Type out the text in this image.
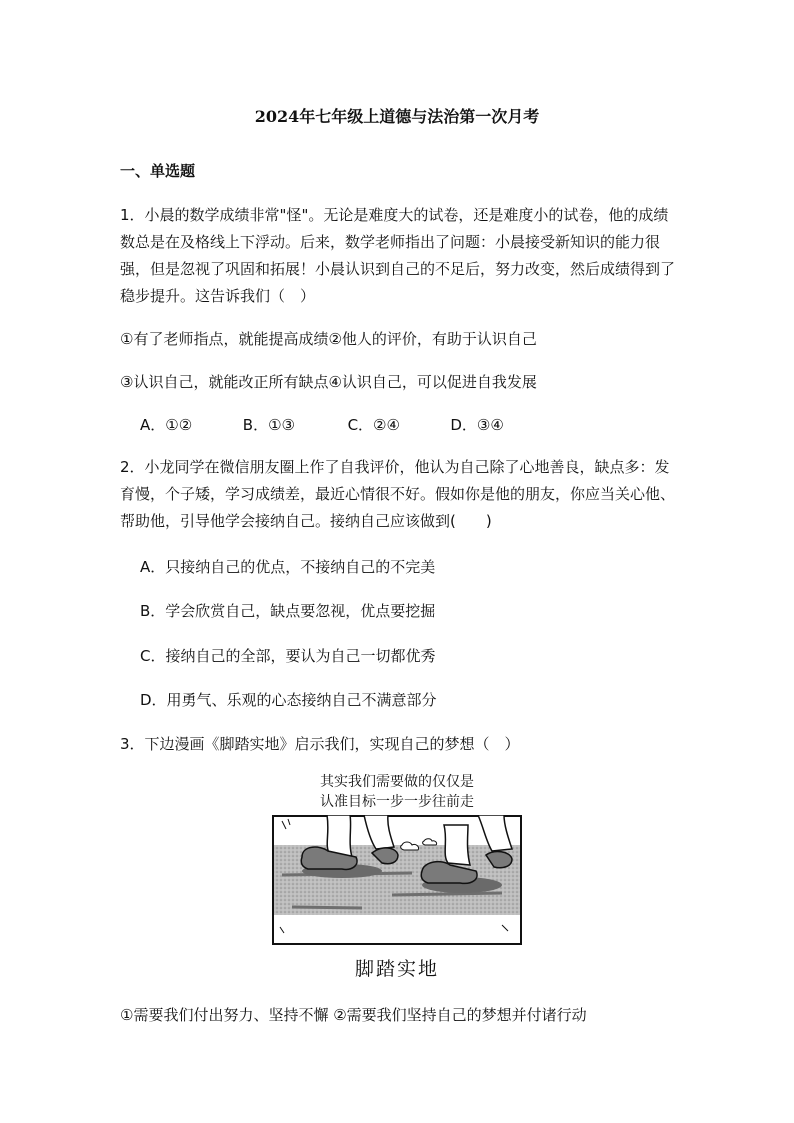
2024年七年级上道德与法治第一次月考
一、单选题
1．小晨的数学成绩非常"怪"。无论是难度大的试卷，还是难度小的试卷，他的成绩数总是在及格线上下浮动。后来，数学老师指出了问题：小晨接受新知识的能力很强，但是忽视了巩固和拓展！小晨认识到自己的不足后，努力改变，然后成绩得到了稳步提升。这告诉我们（　）
①有了老师指点，就能提高成绩②他人的评价，有助于认识自己
③认识自己，就能改正所有缺点④认识自己，可以促进自我发展
A．①②	B．①③	C．②④	D．③④
2．小龙同学在微信朋友圈上作了自我评价，他认为自己除了心地善良，缺点多：发育慢，个子矮，学习成绩差，最近心情很不好。假如你是他的朋友，你应当关心他、帮助他，引导他学会接纳自己。接纳自己应该做到(　　)
A．只接纳自己的优点，不接纳自己的不完美
B．学会欣赏自己，缺点要忽视，优点要挖掘
C．接纳自己的全部，要认为自己一切都优秀
D．用勇气、乐观的心态接纳自己不满意部分
3．下边漫画《脚踏实地》启示我们，实现自己的梦想（　）
其实我们需要做的仅仅是
认准目标一步一步往前走
脚踏实地
①需要我们付出努力、坚持不懈 ②需要我们坚持自己的梦想并付诸行动
